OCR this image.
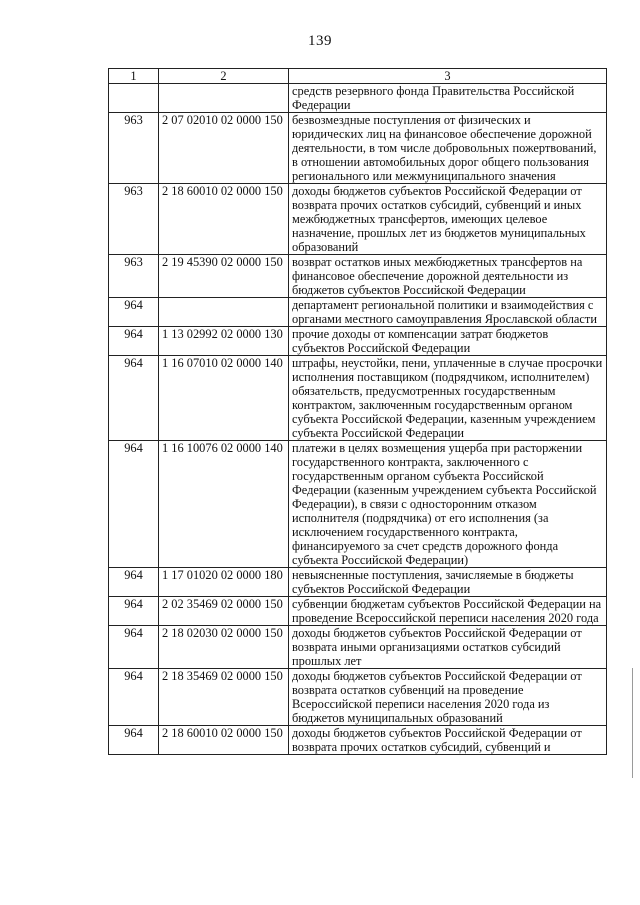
139
1	2	3
		средств резервного фонда Правительства Российской Федерации
963	2 07 02010 02 0000 150	безвозмездные поступления от физических и юридических лиц на финансовое обеспечение дорожной деятельности, в том числе добровольных пожертвований, в отношении автомобильных дорог общего пользования регионального или межмуниципального значения
963	2 18 60010 02 0000 150	доходы бюджетов субъектов Российской Федерации от возврата прочих остатков субсидий, субвенций и иных межбюджетных трансфертов, имеющих целевое назначение, прошлых лет из бюджетов муниципальных образований
963	2 19 45390 02 0000 150	возврат остатков иных межбюджетных трансфертов на финансовое обеспечение дорожной деятельности из бюджетов субъектов Российской Федерации
964		департамент региональной политики и взаимодействия с органами местного самоуправления Ярославской области
964	1 13 02992 02 0000 130	прочие доходы от компенсации затрат бюджетов субъектов Российской Федерации
964	1 16 07010 02 0000 140	штрафы, неустойки, пени, уплаченные в случае просрочки исполнения поставщиком (подрядчиком, исполнителем) обязательств, предусмотренных государственным контрактом, заключенным государственным органом субъекта Российской Федерации, казенным учреждением субъекта Российской Федерации
964	1 16 10076 02 0000 140	платежи в целях возмещения ущерба при расторжении государственного контракта, заключенного с государственным органом субъекта Российской Федерации (казенным учреждением субъекта Российской Федерации), в связи с односторонним отказом исполнителя (подрядчика) от его исполнения (за исключением государственного контракта, финансируемого за счет средств дорожного фонда субъекта Российской Федерации)
964	1 17 01020 02 0000 180	невыясненные поступления, зачисляемые в бюджеты субъектов Российской Федерации
964	2 02 35469 02 0000 150	субвенции бюджетам субъектов Российской Федерации на проведение Всероссийской переписи населения 2020 года
964	2 18 02030 02 0000 150	доходы бюджетов субъектов Российской Федерации от возврата иными организациями остатков субсидий прошлых лет
964	2 18 35469 02 0000 150	доходы бюджетов субъектов Российской Федерации от возврата остатков субвенций на проведение Всероссийской переписи населения 2020 года из бюджетов муниципальных образований
964	2 18 60010 02 0000 150	доходы бюджетов субъектов Российской Федерации от возврата прочих остатков субсидий, субвенций и
